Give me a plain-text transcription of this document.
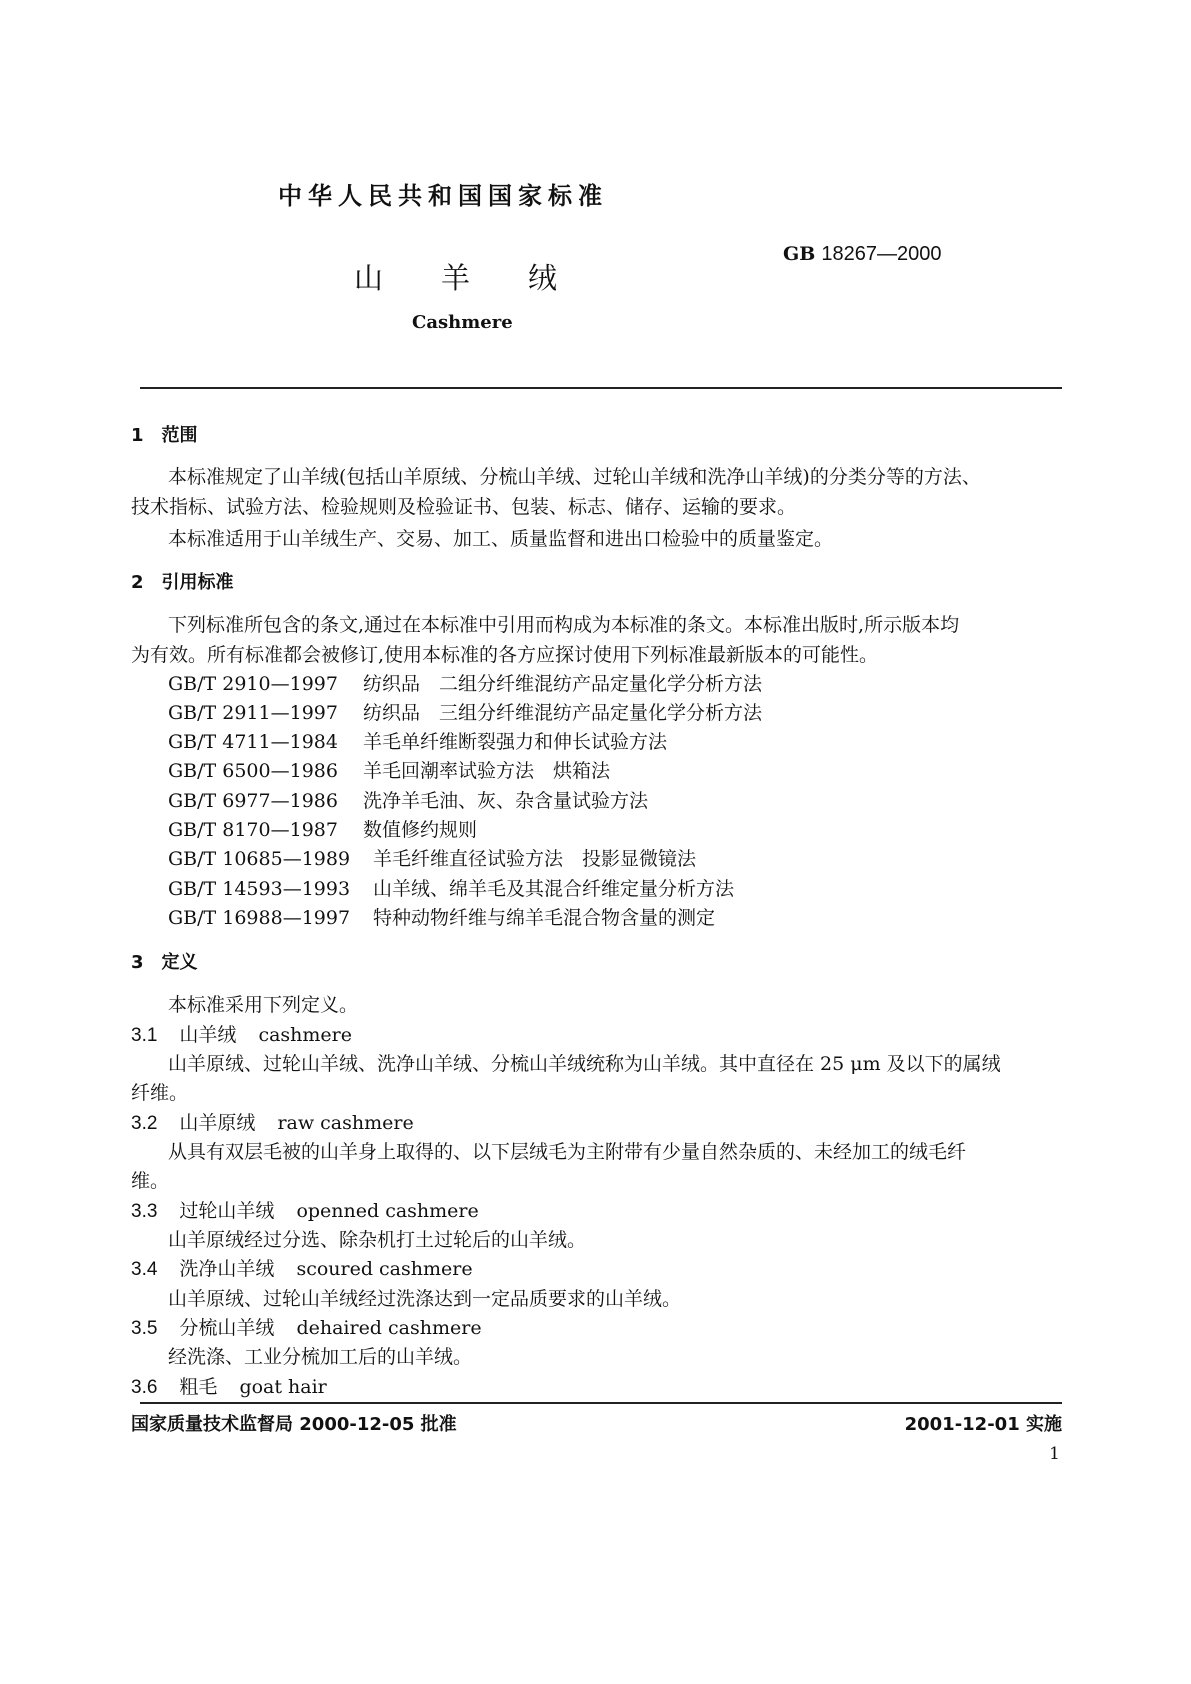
中华人民共和国国家标准
山　　羊　　绒
GB 18267—2000
Cashmere
1　范围
本标准规定了山羊绒(包括山羊原绒、分梳山羊绒、过轮山羊绒和洗净山羊绒)的分类分等的方法、
技术指标、试验方法、检验规则及检验证书、包装、标志、储存、运输的要求。
本标准适用于山羊绒生产、交易、加工、质量监督和进出口检验中的质量鉴定。
2　引用标准
下列标准所包含的条文,通过在本标准中引用而构成为本标准的条文。本标准出版时,所示版本均
为有效。所有标准都会被修订,使用本标准的各方应探讨使用下列标准最新版本的可能性。
GB/T 2910—1997 纺织品　二组分纤维混纺产品定量化学分析方法
GB/T 2911—1997 纺织品　三组分纤维混纺产品定量化学分析方法
GB/T 4711—1984 羊毛单纤维断裂强力和伸长试验方法
GB/T 6500—1986 羊毛回潮率试验方法　烘箱法
GB/T 6977—1986 洗净羊毛油、灰、杂含量试验方法
GB/T 8170—1987 数值修约规则
GB/T 10685—1989 羊毛纤维直径试验方法　投影显微镜法
GB/T 14593—1993 山羊绒、绵羊毛及其混合纤维定量分析方法
GB/T 16988—1997 特种动物纤维与绵羊毛混合物含量的测定
3　定义
本标准采用下列定义。
3.1 山羊绒 cashmere
山羊原绒、过轮山羊绒、洗净山羊绒、分梳山羊绒统称为山羊绒。其中直径在 25 μm 及以下的属绒
纤维。
3.2 山羊原绒 raw cashmere
从具有双层毛被的山羊身上取得的、以下层绒毛为主附带有少量自然杂质的、未经加工的绒毛纤
维。
3.3 过轮山羊绒 openned cashmere
山羊原绒经过分选、除杂机打土过轮后的山羊绒。
3.4 洗净山羊绒 scoured cashmere
山羊原绒、过轮山羊绒经过洗涤达到一定品质要求的山羊绒。
3.5 分梳山羊绒 dehaired cashmere
经洗涤、工业分梳加工后的山羊绒。
3.6 粗毛 goat hair
国家质量技术监督局 2000-12-05 批准	2001-12-01 实施
1
